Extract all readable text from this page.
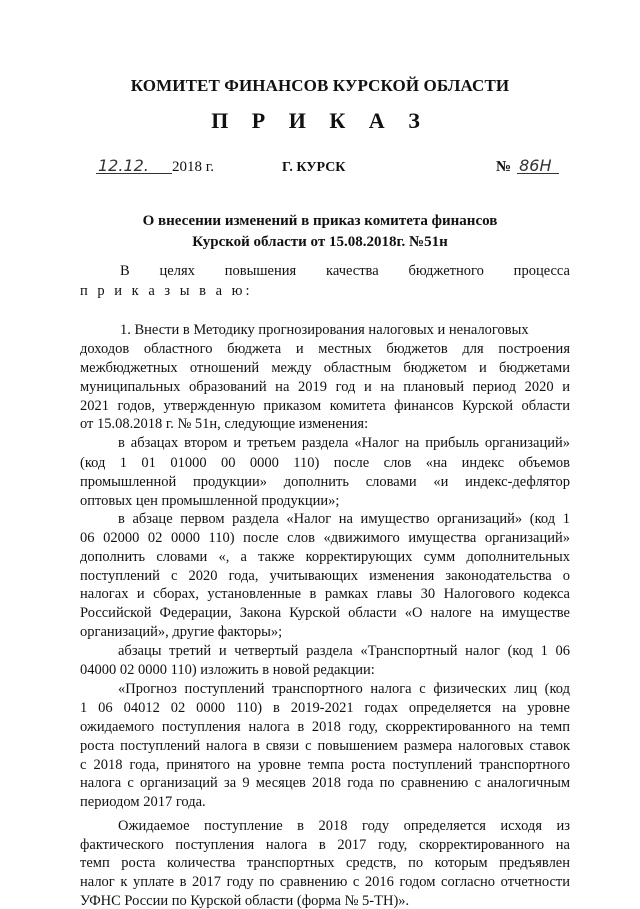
КОМИТЕТ ФИНАНСОВ КУРСКОЙ ОБЛАСТИ
П Р И К А З
12.12. 2018 г.	Г. КУРСК	№ 86Н
О внесении изменений в приказ комитета финансов
Курской области от 15.08.2018г. №51н
В целях повышения качества бюджетного процесса
п р и к а з ы в а ю:
1. Внести в Методику прогнозирования налоговых и неналоговых
доходов областного бюджета и местных бюджетов для построения
межбюджетных отношений между областным бюджетом и бюджетами
муниципальных образований на 2019 год и на плановый период 2020 и
2021 годов, утвержденную приказом комитета финансов Курской области
от 15.08.2018 г. № 51н, следующие изменения:
в абзацах втором и третьем раздела «Налог на прибыль организаций»
(код 1 01 01000 00 0000 110) после слов «на индекс объемов
промышленной продукции» дополнить словами «и индекс-дефлятор
оптовых цен промышленной продукции»;
в абзаце первом раздела «Налог на имущество организаций» (код 1
06 02000 02 0000 110) после слов «движимого имущества организаций»
дополнить словами «, а также корректирующих сумм дополнительных
поступлений с 2020 года, учитывающих изменения законодательства о
налогах и сборах, установленные в рамках главы 30 Налогового кодекса
Российской Федерации, Закона Курской области «О налоге на имуществе
организаций», другие факторы»;
абзацы третий и четвертый раздела «Транспортный налог (код 1 06
04000 02 0000 110) изложить в новой редакции:
«Прогноз поступлений транспортного налога с физических лиц (код
1 06 04012 02 0000 110) в 2019-2021 годах определяется на уровне
ожидаемого поступления налога в 2018 году, скорректированного на темп
роста поступлений налога в связи с повышением размера налоговых ставок
с 2018 года, принятого на уровне темпа роста поступлений транспортного
налога с организаций за 9 месяцев 2018 года по сравнению с аналогичным
периодом 2017 года.
Ожидаемое поступление в 2018 году определяется исходя из
фактического поступления налога в 2017 году, скорректированного на
темп роста количества транспортных средств, по которым предъявлен
налог к уплате в 2017 году по сравнению с 2016 годом согласно отчетности
УФНС России по Курской области (форма № 5-ТН)».
